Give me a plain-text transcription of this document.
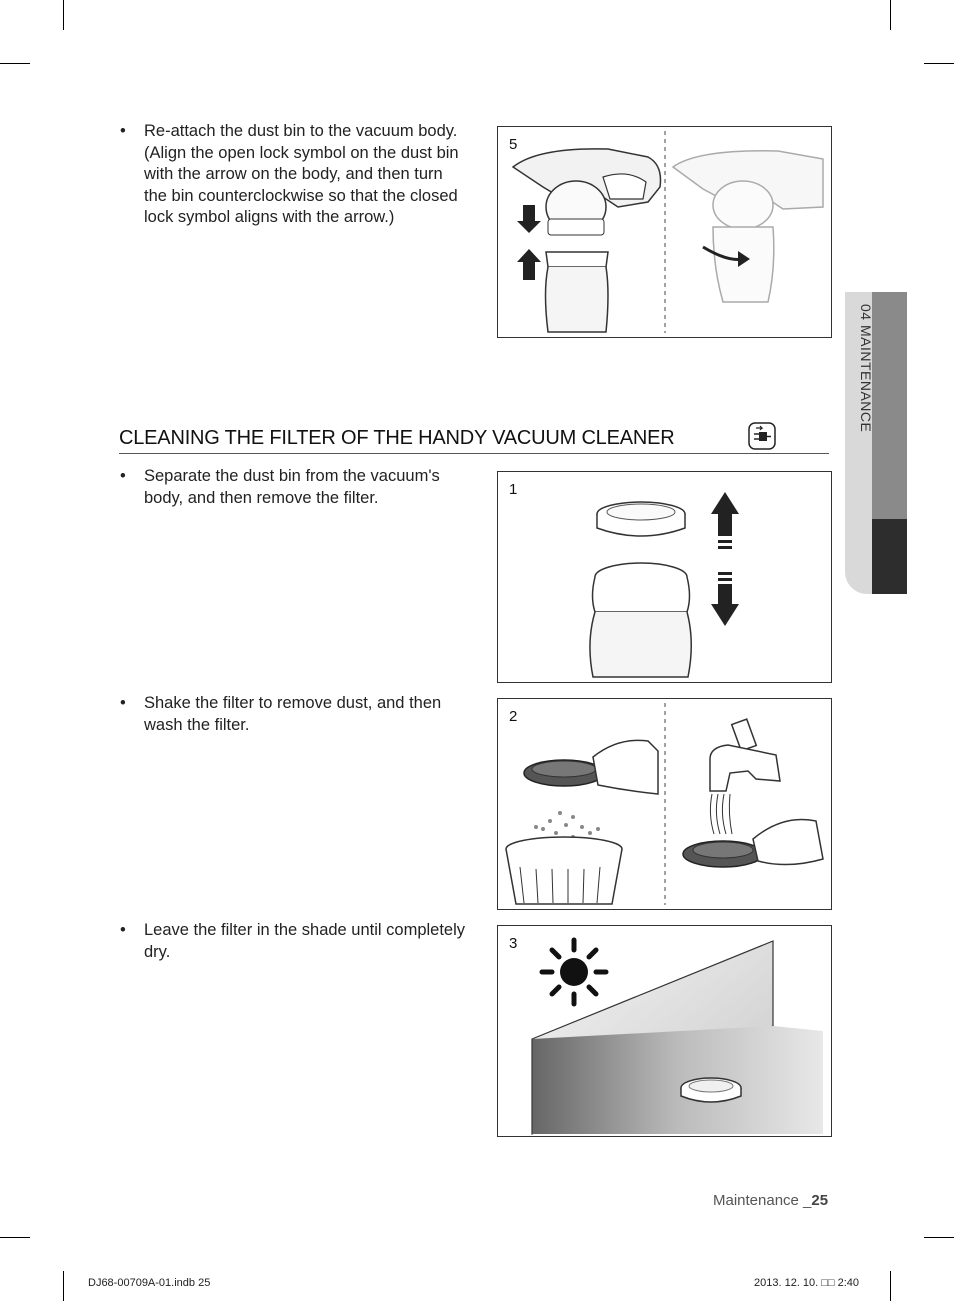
• Re-attach the dust bin to the vacuum body. (Align the open lock symbol on the dust bin with the arrow on the body, and then turn the bin counterclockwise so that the closed lock symbol aligns with the arrow.)
5
CLEANING THE FILTER OF THE HANDY VACUUM CLEANER
• Separate the dust bin from the vacuum's body, and then remove the filter.	1
• Shake the filter to remove dust, and then wash the filter.	2
• Leave the filter in the shade until completely dry.	3
04 MAINTENANCE
Maintenance _25
DJ68-00709A-01.indb 25	2013. 12. 10. □□ 2:40
